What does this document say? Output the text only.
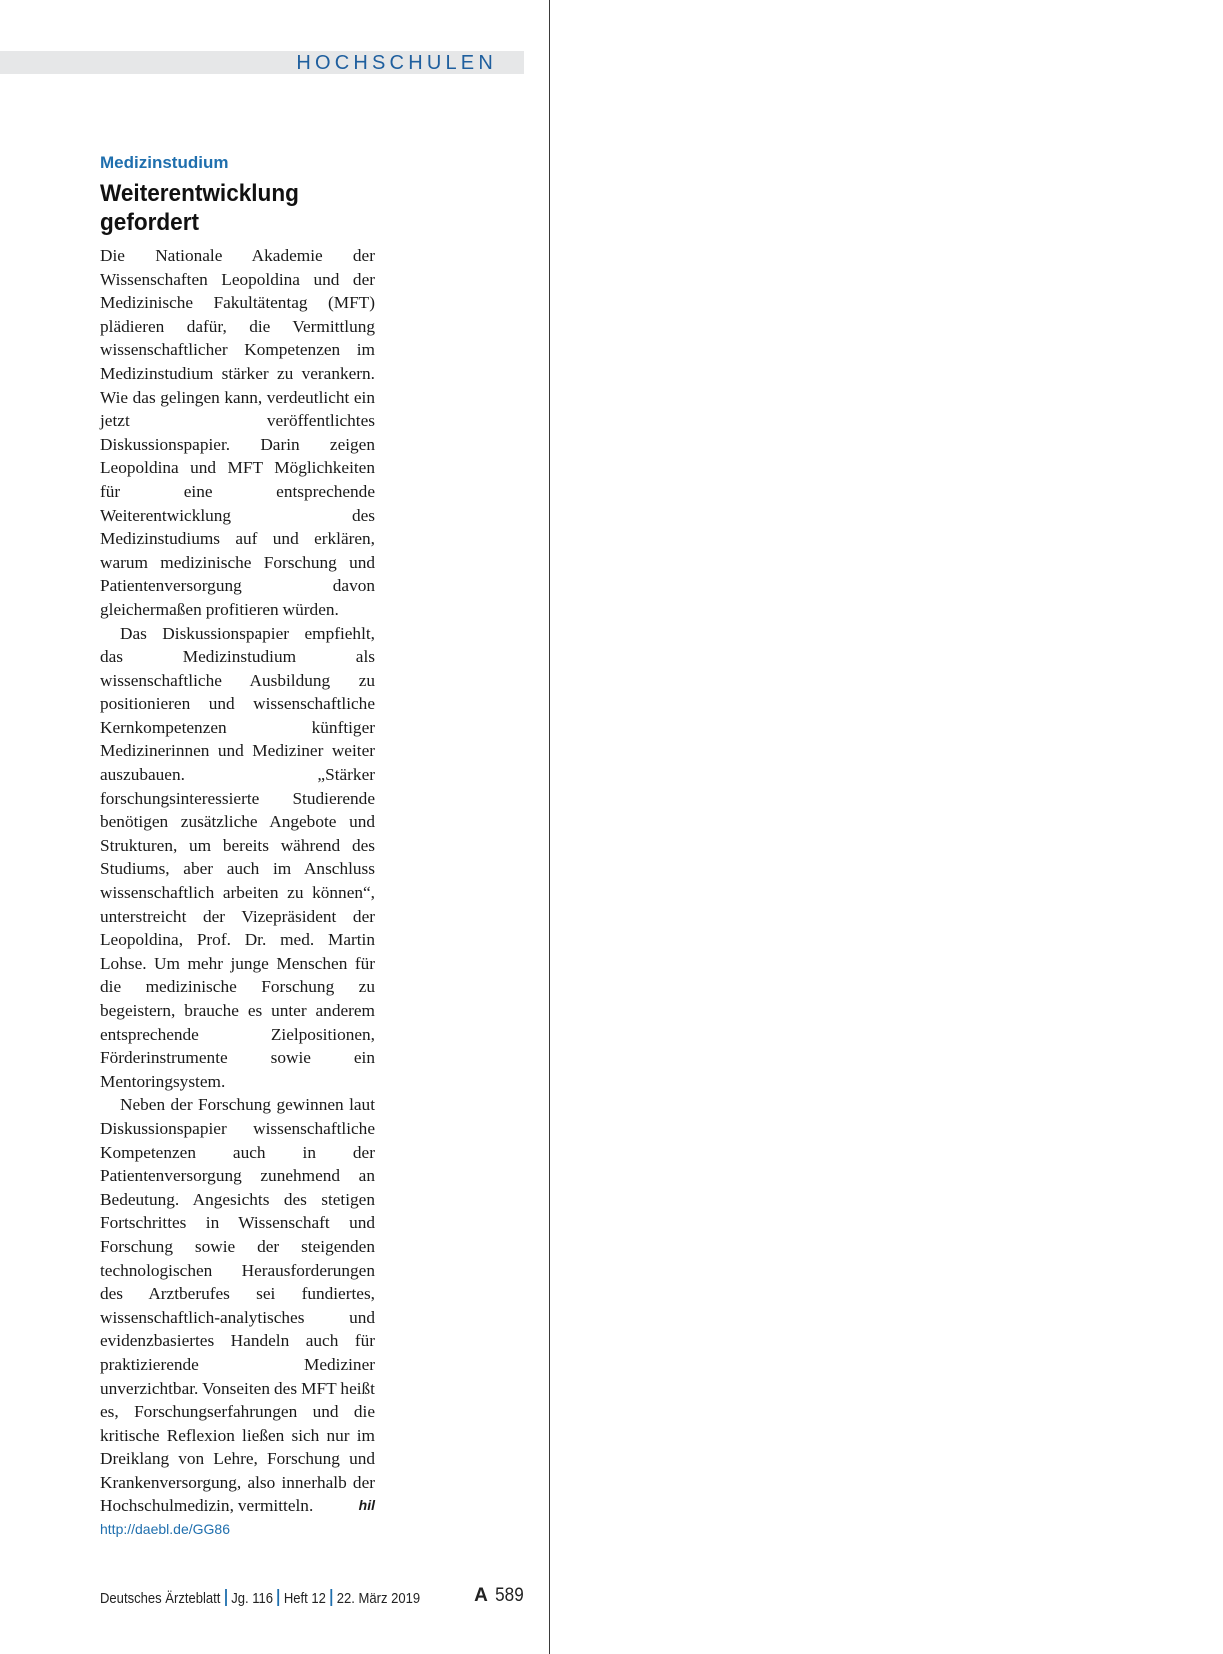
HOCHSCHULEN

Medizinstudium

Weiterentwicklung
gefordert

Die Nationale Akademie der Wissenschaften Leopoldina und der Medizinische Fakultätentag (MFT) plädieren dafür, die Vermittlung wissenschaftlicher Kompetenzen im Medizinstudium stärker zu verankern. Wie das gelingen kann, verdeutlicht ein jetzt veröffentlichtes Diskussionspapier. Darin zeigen Leopoldina und MFT Möglichkeiten für eine entsprechende Weiterentwicklung des Medizinstudiums auf und erklären, warum medizinische Forschung und Patientenversorgung davon gleichermaßen profitieren würden.

Das Diskussionspapier empfiehlt, das Medizinstudium als wissenschaftliche Ausbildung zu positionieren und wissenschaftliche Kernkompetenzen künftiger Medizinerinnen und Mediziner weiter auszubauen. „Stärker forschungsinteressierte Studierende benötigen zusätzliche Angebote und Strukturen, um bereits während des Studiums, aber auch im Anschluss wissenschaftlich arbeiten zu können“, unterstreicht der Vizepräsident der Leopoldina, Prof. Dr. med. Martin Lohse. Um mehr junge Menschen für die medizinische Forschung zu begeistern, brauche es unter anderem entsprechende Zielpositionen, Förderinstrumente sowie ein Mentoringsystem.

Neben der Forschung gewinnen laut Diskussionspapier wissenschaftliche Kompetenzen auch in der Patientenversorgung zunehmend an Bedeutung. Angesichts des stetigen Fortschrittes in Wissenschaft und Forschung sowie der steigenden technologischen Herausforderungen des Arztberufes sei fundiertes, wissenschaftlich-analytisches und evidenzbasiertes Handeln auch für praktizierende Mediziner unverzichtbar. Vonseiten des MFT heißt es, Forschungserfahrungen und die kritische Reflexion ließen sich nur im Dreiklang von Lehre, Forschung und Krankenversorgung, also innerhalb der Hochschulmedizin, vermitteln.	hil

http://daebl.de/GG86
Deutsches Ärzteblatt Jg. 116 Heft 12 22. März 2019	A 589
